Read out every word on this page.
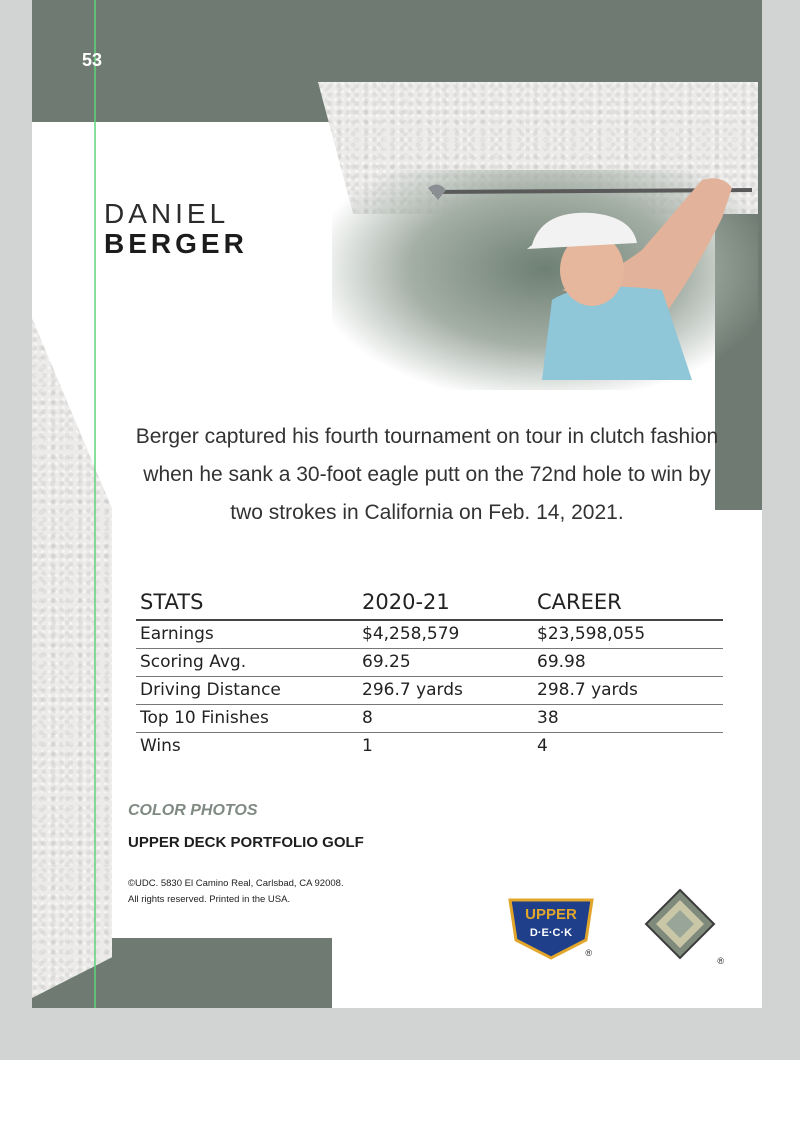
53
DANIEL
BERGER
Berger captured his fourth tournament on tour in clutch fashion when he sank a 30-foot eagle putt on the 72nd hole to win by two strokes in California on Feb. 14, 2021.
STATS	2020-21	CAREER
Earnings	$4,258,579	$23,598,055
Scoring Avg.	69.25	69.98
Driving Distance	296.7 yards	298.7 yards
Top 10 Finishes	8	38
Wins	1	4
COLOR PHOTOS
UPPER DECK PORTFOLIO GOLF
©UDC. 5830 El Camino Real, Carlsbad, CA 92008.
All rights reserved. Printed in the USA.
UPPER
D·E·C·K
®
®
